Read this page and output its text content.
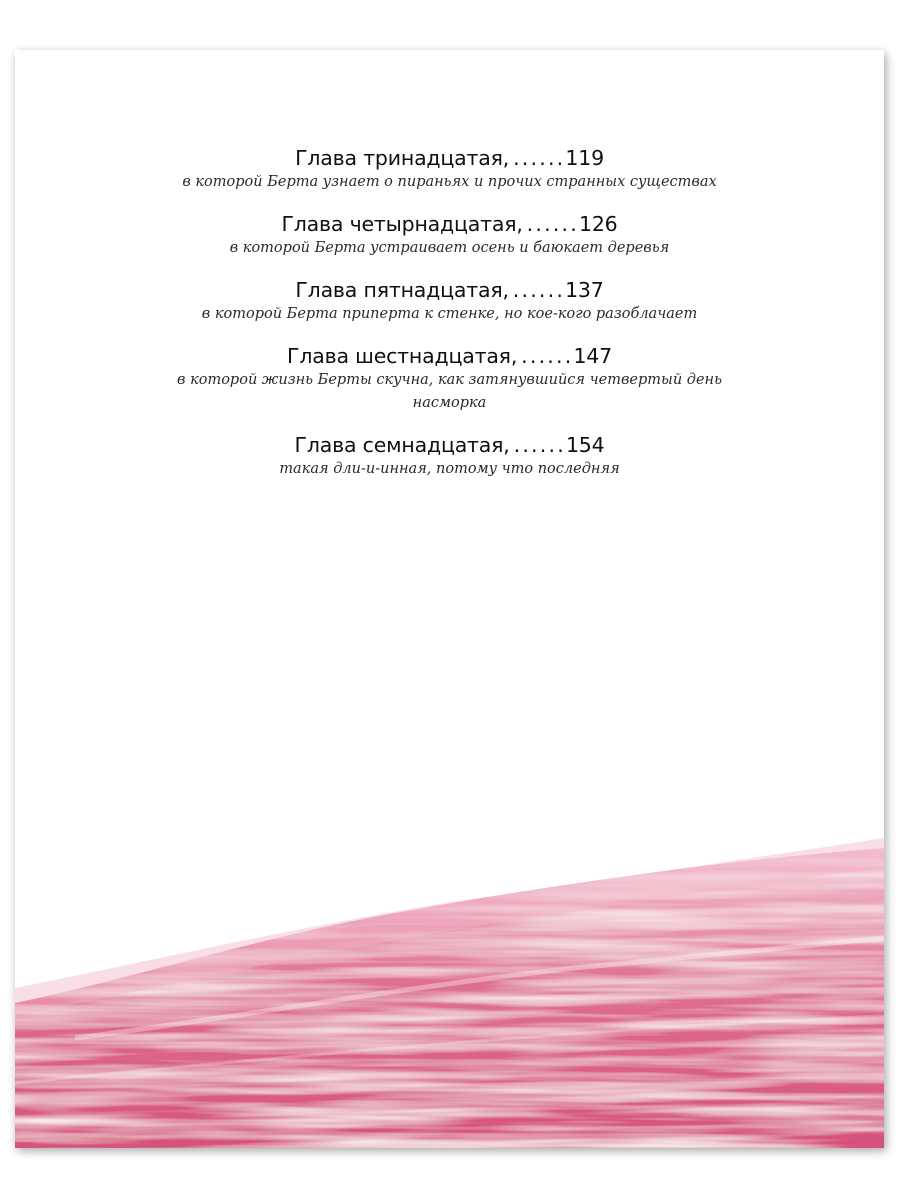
Глава тринадцатая, ......119
в которой Берта узнает о пираньях и прочих странных существах
Глава четырнадцатая, ......126
в которой Берта устраивает осень и баюкает деревья
Глава пятнадцатая, ......137
в которой Берта приперта к стенке, но кое-кого разоблачает
Глава шестнадцатая, ......147
в которой жизнь Берты скучна, как затянувшийся четвертый день насморка
Глава семнадцатая, ......154
такая дли-и-инная, потому что последняя
